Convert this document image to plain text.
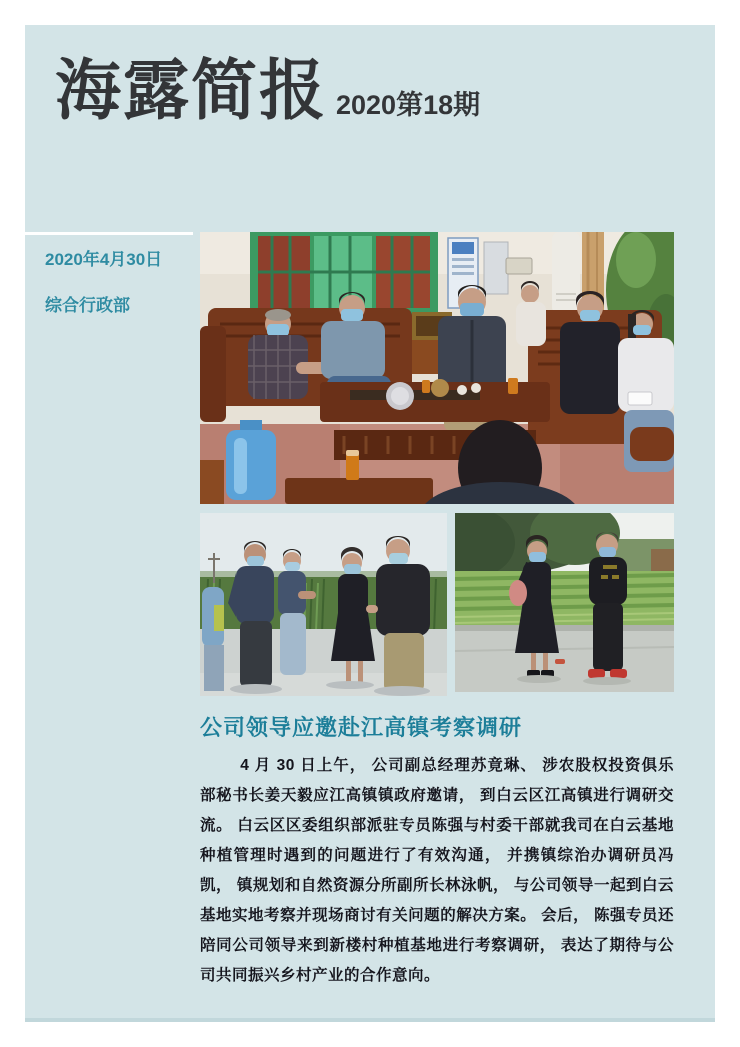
海露简报 2020第18期
2020年4月30日
综合行政部
公司领导应邀赴江高镇考察调研
4 月 30 日上午， 公司副总经理苏竟琳、 涉农股权投资俱乐部秘书长姜天毅应江高镇镇政府邀请， 到白云区江高镇进行调研交流。 白云区区委组织部派驻专员陈强与村委干部就我司在白云基地种植管理时遇到的问题进行了有效沟通， 并携镇综治办调研员冯凯， 镇规划和自然资源分所副所长林泳帆， 与公司领导一起到白云基地实地考察并现场商讨有关问题的解决方案。 会后， 陈强专员还陪同公司领导来到新楼村种植基地进行考察调研， 表达了期待与公司共同振兴乡村产业的合作意向。
